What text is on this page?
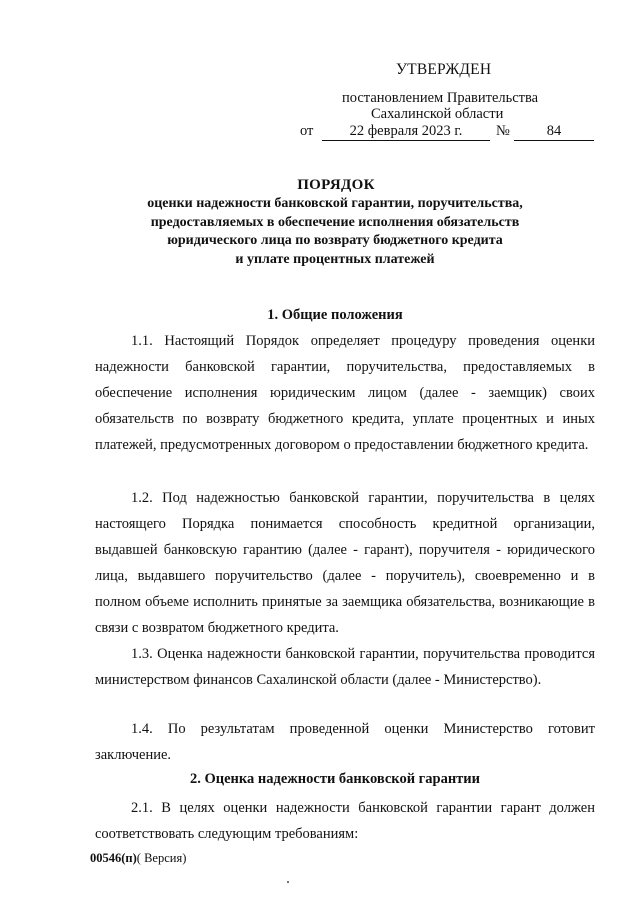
УТВЕРЖДЕН
постановлением Правительства
Сахалинской области
от	22 февраля 2023 г.	№	84
ПОРЯДОК
оценки надежности банковской гарантии, поручительства,
предоставляемых в обеспечение исполнения обязательств
юридического лица по возврату бюджетного кредита
и уплате процентных платежей
1. Общие положения

1.1. Настоящий Порядок определяет процедуру проведения оценки надежности банковской гарантии, поручительства, предоставляемых в обеспечение исполнения юридическим лицом (далее - заемщик) своих обязательств по возврату бюджетного кредита, уплате процентных и иных платежей, предусмотренных договором о предоставлении бюджетного кредита.

1.2. Под надежностью банковской гарантии, поручительства в целях настоящего Порядка понимается способность кредитной организации, выдавшей банковскую гарантию (далее - гарант), поручителя - юридического лица, выдавшего поручительство (далее - поручитель), своевременно и в полном объеме исполнить принятые за заемщика обязательства, возникающие в связи с возвратом бюджетного кредита.

1.3. Оценка надежности банковской гарантии, поручительства проводится министерством финансов Сахалинской области (далее - Министерство).

1.4. По результатам проведенной оценки Министерство готовит заключение.

2. Оценка надежности банковской гарантии

2.1. В целях оценки надежности банковской гарантии гарант должен соответствовать следующим требованиям:

00546(п)( Версия)
